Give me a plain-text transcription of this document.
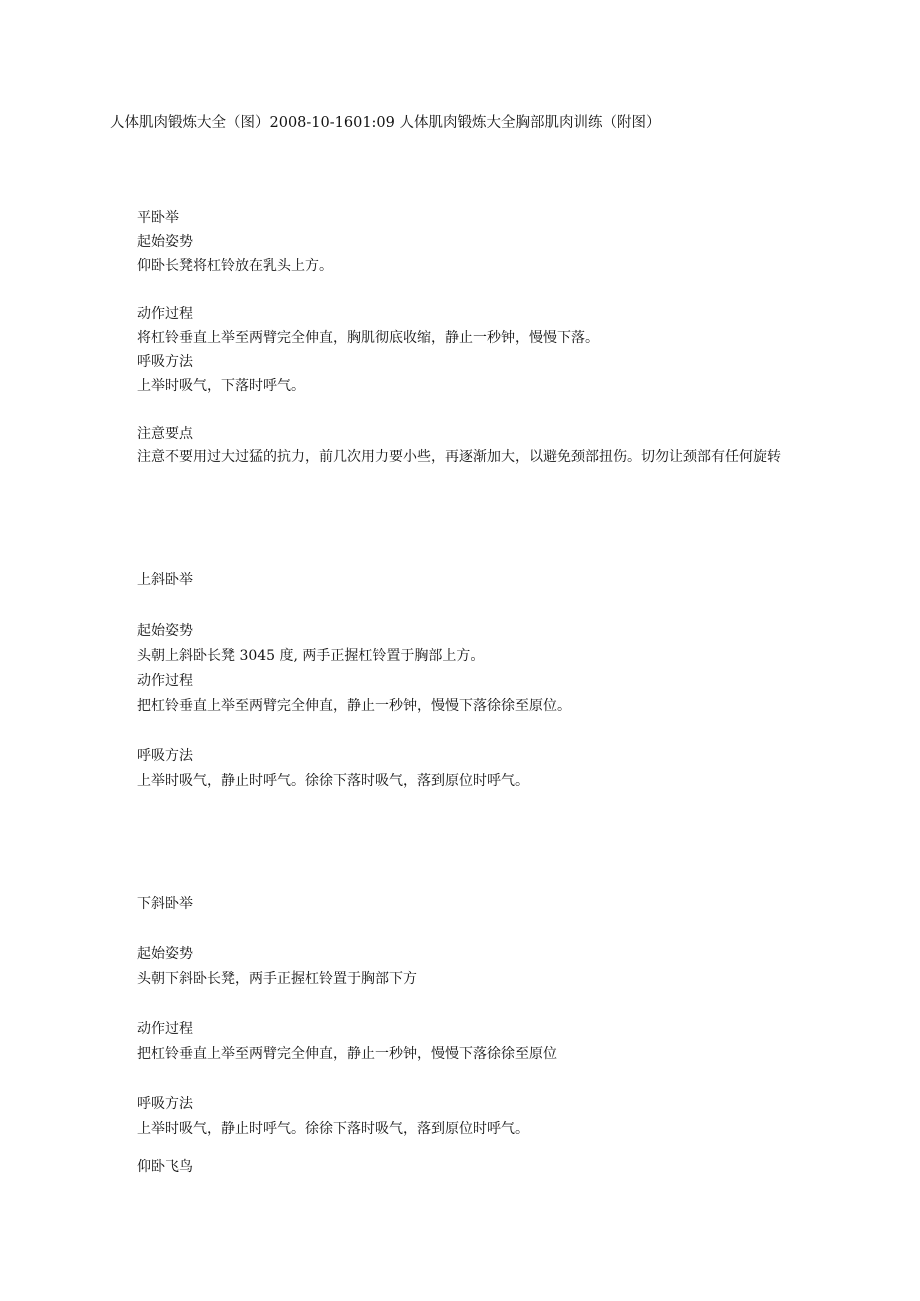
人体肌肉锻炼大全（图）2008-10-1601:09 人体肌肉锻炼大全胸部肌肉训练（附图）
平卧举

起始姿势

仰卧长凳将杠铃放在乳头上方。

动作过程

将杠铃垂直上举至两臂完全伸直，胸肌彻底收缩，静止一秒钟，慢慢下落。

呼吸方法

上举时吸气，下落时呼气。

注意要点

注意不要用过大过猛的抗力，前几次用力要小些，再逐渐加大，以避免颈部扭伤。切勿让颈部有任何旋转

上斜卧举

起始姿势

头朝上斜卧长凳 3045 度, 两手正握杠铃置于胸部上方。

动作过程

把杠铃垂直上举至两臂完全伸直，静止一秒钟，慢慢下落徐徐至原位。

呼吸方法

上举时吸气，静止时呼气。徐徐下落时吸气，落到原位时呼气。

下斜卧举

起始姿势

头朝下斜卧长凳，两手正握杠铃置于胸部下方

动作过程

把杠铃垂直上举至两臂完全伸直，静止一秒钟，慢慢下落徐徐至原位

呼吸方法

上举时吸气，静止时呼气。徐徐下落时吸气，落到原位时呼气。

仰卧飞鸟
